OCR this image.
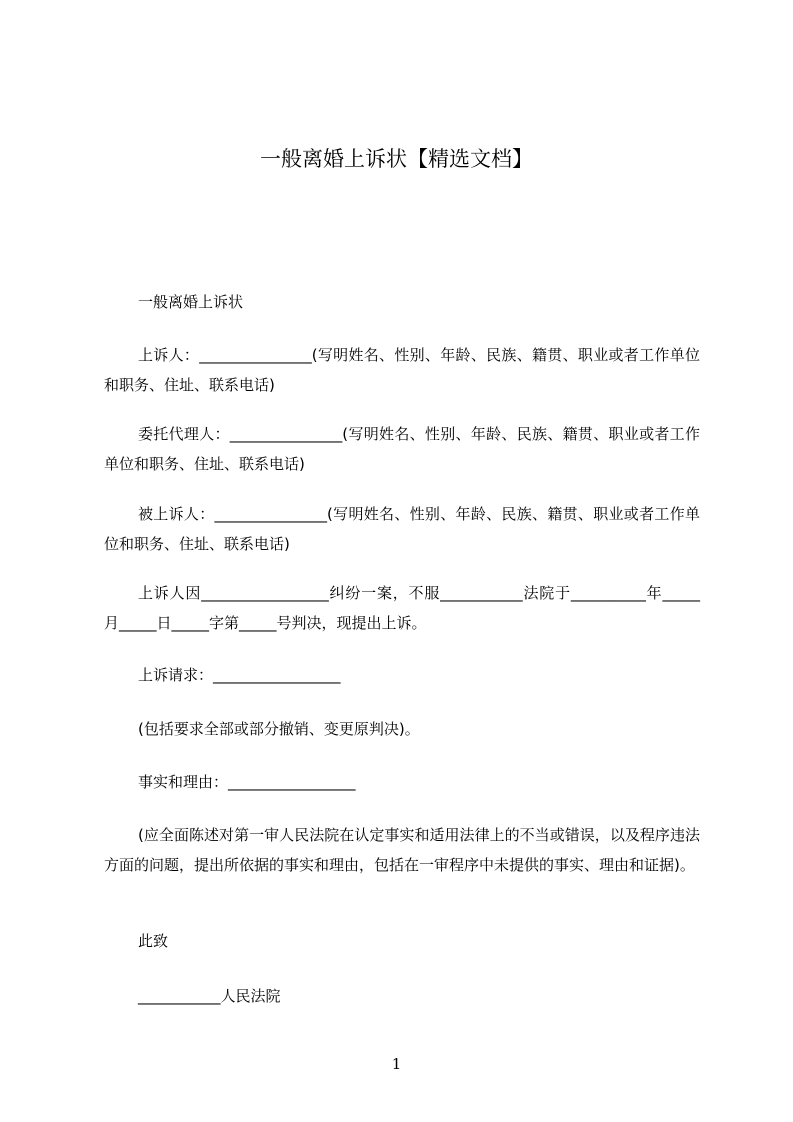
一般离婚上诉状【精选文档】

一般离婚上诉状

上诉人：_______________(写明姓名、性别、年龄、民族、籍贯、职业或者工作单位和职务、住址、联系电话)

委托代理人：_______________(写明姓名、性别、年龄、民族、籍贯、职业或者工作单位和职务、住址、联系电话)

被上诉人：_______________(写明姓名、性别、年龄、民族、籍贯、职业或者工作单位和职务、住址、联系电话)

上诉人因_________________纠纷一案，不服___________法院于__________年_____月_____日_____字第_____号判决，现提出上诉。

上诉请求：_________________

(包括要求全部或部分撤销、变更原判决)。

事实和理由：_________________

(应全面陈述对第一审人民法院在认定事实和适用法律上的不当或错误，以及程序违法方面的问题，提出所依据的事实和理由，包括在一审程序中未提供的事实、理由和证据)。

此致

___________人民法院

1
